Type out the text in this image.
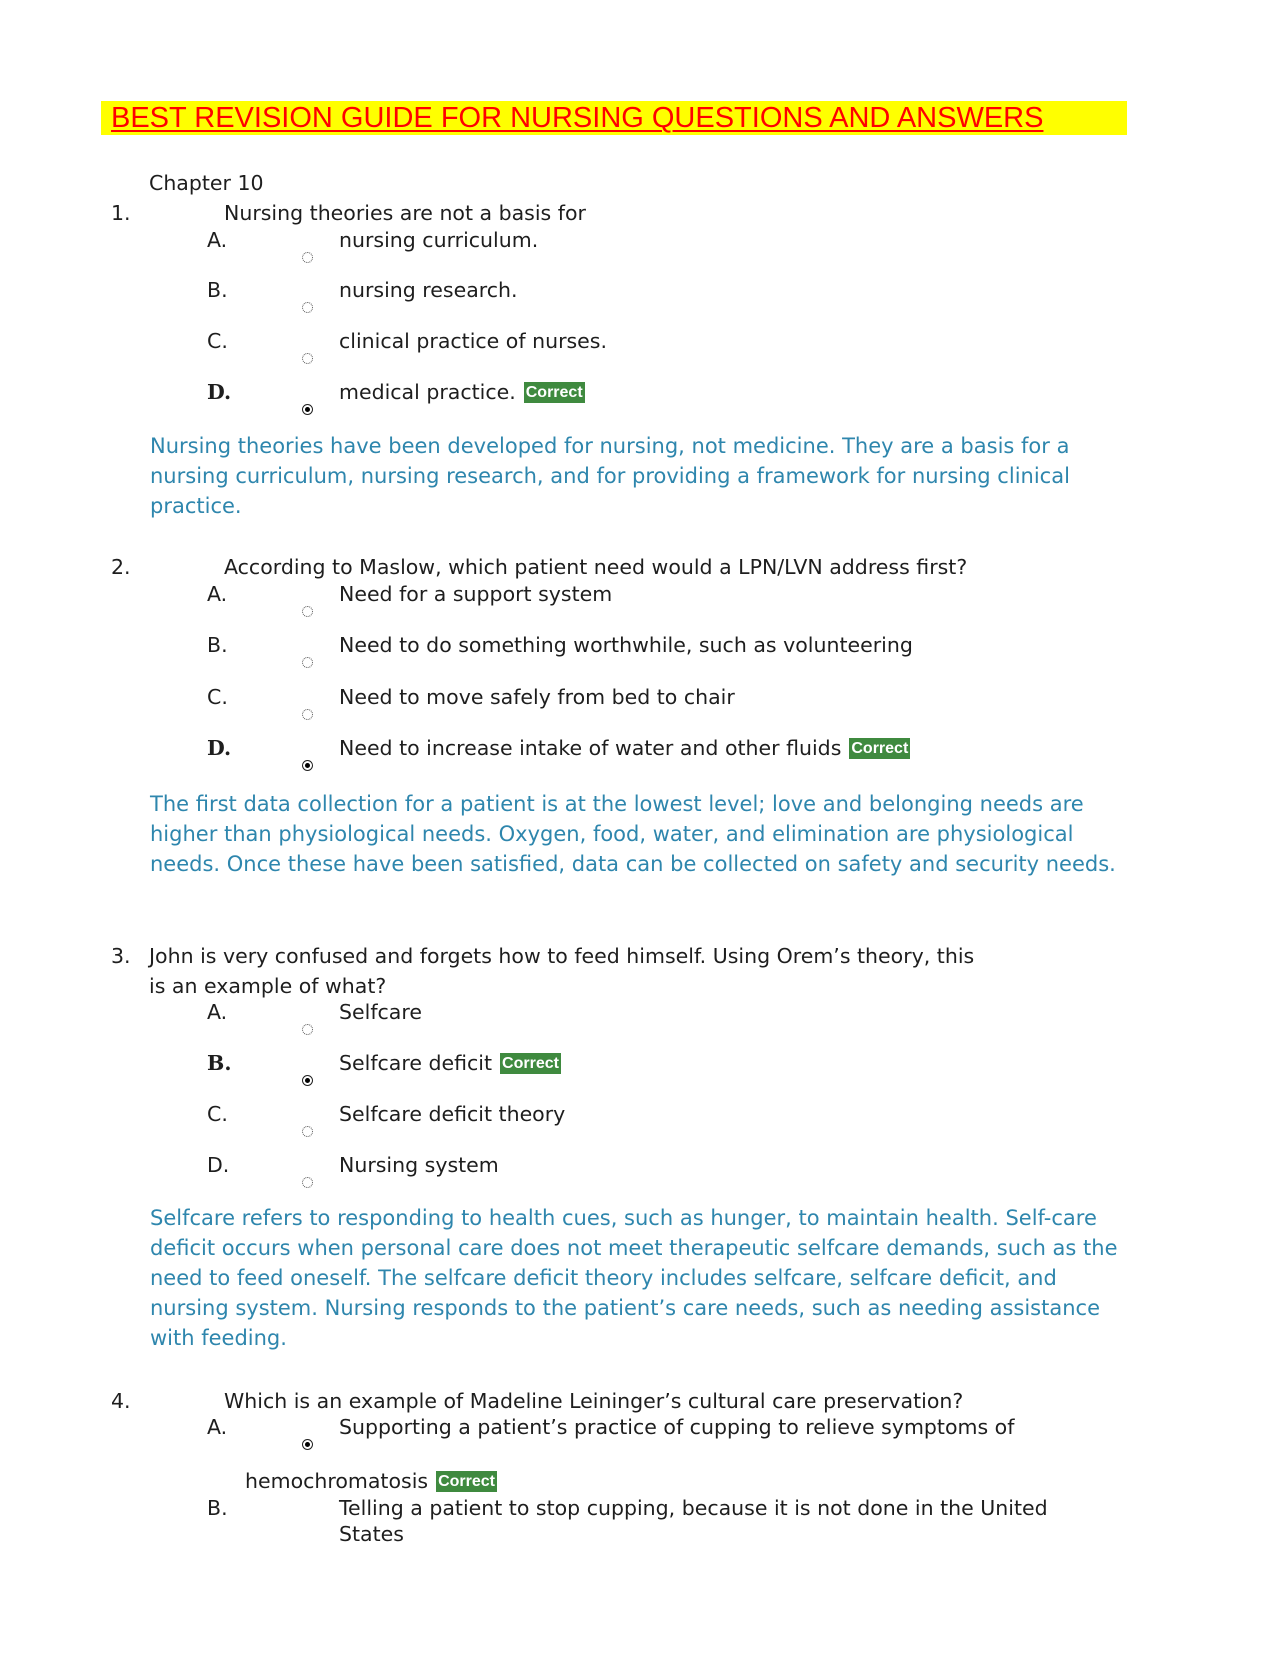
BEST REVISION GUIDE FOR NURSING QUESTIONS AND ANSWERS
Chapter 10
1.	Nursing theories are not a basis for
A.	nursing curriculum.
B.	nursing research.
C.	clinical practice of nurses.
D.	medical practice. Correct
Nursing theories have been developed for nursing, not medicine. They are a basis for a nursing curriculum, nursing research, and for providing a framework for nursing clinical practice.
2.	According to Maslow, which patient need would a LPN/LVN address first?
A.	Need for a support system
B.	Need to do something worthwhile, such as volunteering
C.	Need to move safely from bed to chair
D.	Need to increase intake of water and other fluids Correct
The first data collection for a patient is at the lowest level; love and belonging needs are higher than physiological needs. Oxygen, food, water, and elimination are physiological needs. Once these have been satisfied, data can be collected on safety and security needs.
3. John is very confused and forgets how to feed himself. Using Orem’s theory, this
is an example of what?
A.	Selfcare
B.	Selfcare deficit Correct
C.	Selfcare deficit theory
D.	Nursing system
Selfcare refers to responding to health cues, such as hunger, to maintain health. Self-care deficit occurs when personal care does not meet therapeutic selfcare demands, such as the need to feed oneself. The selfcare deficit theory includes selfcare, selfcare deficit, and nursing system. Nursing responds to the patient’s care needs, such as needing assistance with feeding.
4.	Which is an example of Madeline Leininger’s cultural care preservation?
A.	Supporting a patient’s practice of cupping to relieve symptoms of
hemochromatosis Correct
B.	Telling a patient to stop cupping, because it is not done in the United
States
